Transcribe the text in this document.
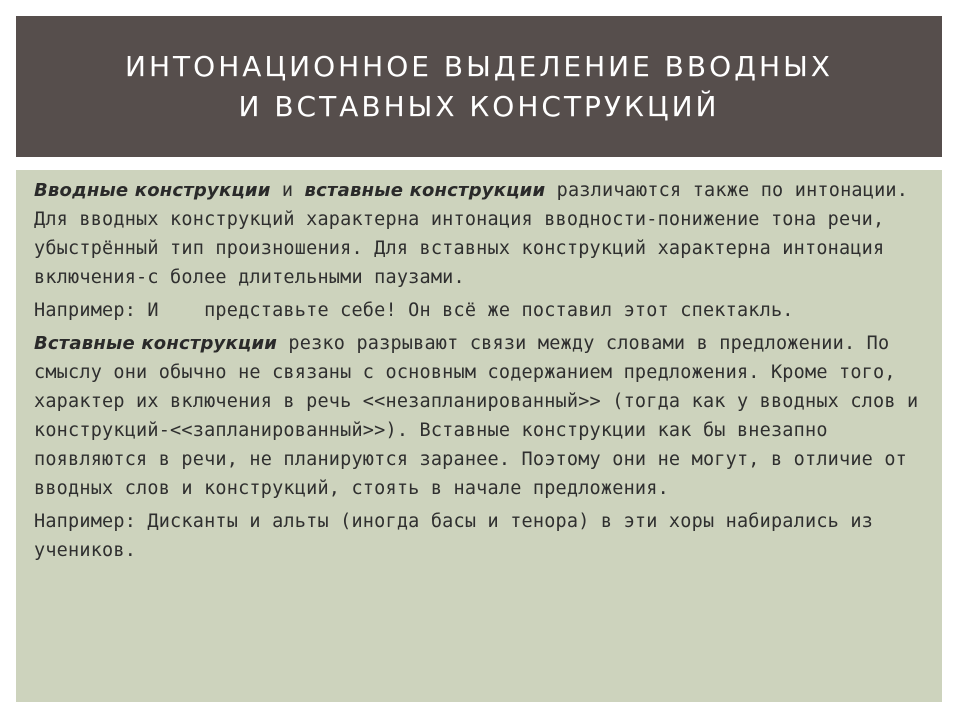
ИНТОНАЦИОННОЕ ВЫДЕЛЕНИЕ ВВОДНЫХ И ВСТАВНЫХ КОНСТРУКЦИЙ

Вводные конструкции и вставные конструкции различаются также по интонации. Для вводных конструкций характерна интонация вводности-понижение тона речи, убыстрённый тип произношения. Для вставных конструкций характерна интонация включения-с более длительными паузами.

Например: И    представьте себе! Он всё же поставил этот спектакль.

Вставные конструкции резко разрывают связи между словами в предложении. По смыслу они обычно не связаны с основным содержанием предложения. Кроме того, характер их включения в речь <<незапланированный>> (тогда как у вводных слов и конструкций-<<запланированный>>). Вставные конструкции как бы внезапно появляются в речи, не планируются заранее. Поэтому они не могут, в отличие от вводных слов и конструкций, стоять в начале предложения.

Например: Дисканты и альты (иногда басы и тенора) в эти хоры набирались из учеников.
